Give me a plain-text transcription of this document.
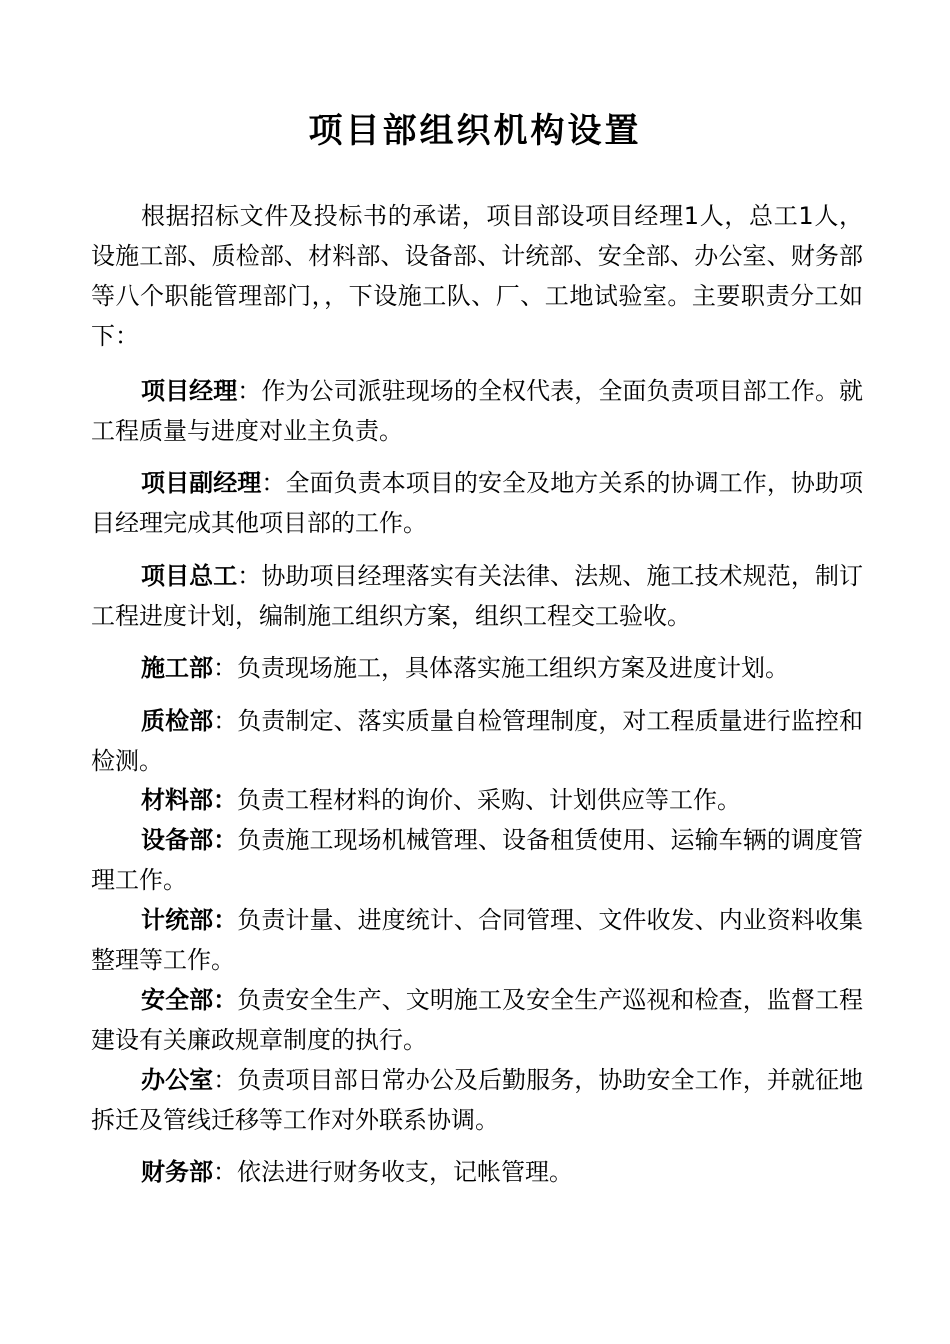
项目部组织机构设置

根据招标文件及投标书的承诺，项目部设项目经理1人，总工1人，设施工部、质检部、材料部、设备部、计统部、安全部、办公室、财务部等八个职能管理部门，，下设施工队、厂、工地试验室。主要职责分工如下：

项目经理：作为公司派驻现场的全权代表，全面负责项目部工作。就工程质量与进度对业主负责。

项目副经理：全面负责本项目的安全及地方关系的协调工作，协助项目经理完成其他项目部的工作。

项目总工：协助项目经理落实有关法律、法规、施工技术规范，制订工程进度计划，编制施工组织方案，组织工程交工验收。

施工部：负责现场施工，具体落实施工组织方案及进度计划。

质检部：负责制定、落实质量自检管理制度，对工程质量进行监控和检测。

材料部：负责工程材料的询价、采购、计划供应等工作。

设备部：负责施工现场机械管理、设备租赁使用、运输车辆的调度管理工作。

计统部：负责计量、进度统计、合同管理、文件收发、内业资料收集整理等工作。

安全部：负责安全生产、文明施工及安全生产巡视和检查，监督工程建设有关廉政规章制度的执行。

办公室：负责项目部日常办公及后勤服务，协助安全工作，并就征地拆迁及管线迁移等工作对外联系协调。

财务部：依法进行财务收支，记帐管理。
